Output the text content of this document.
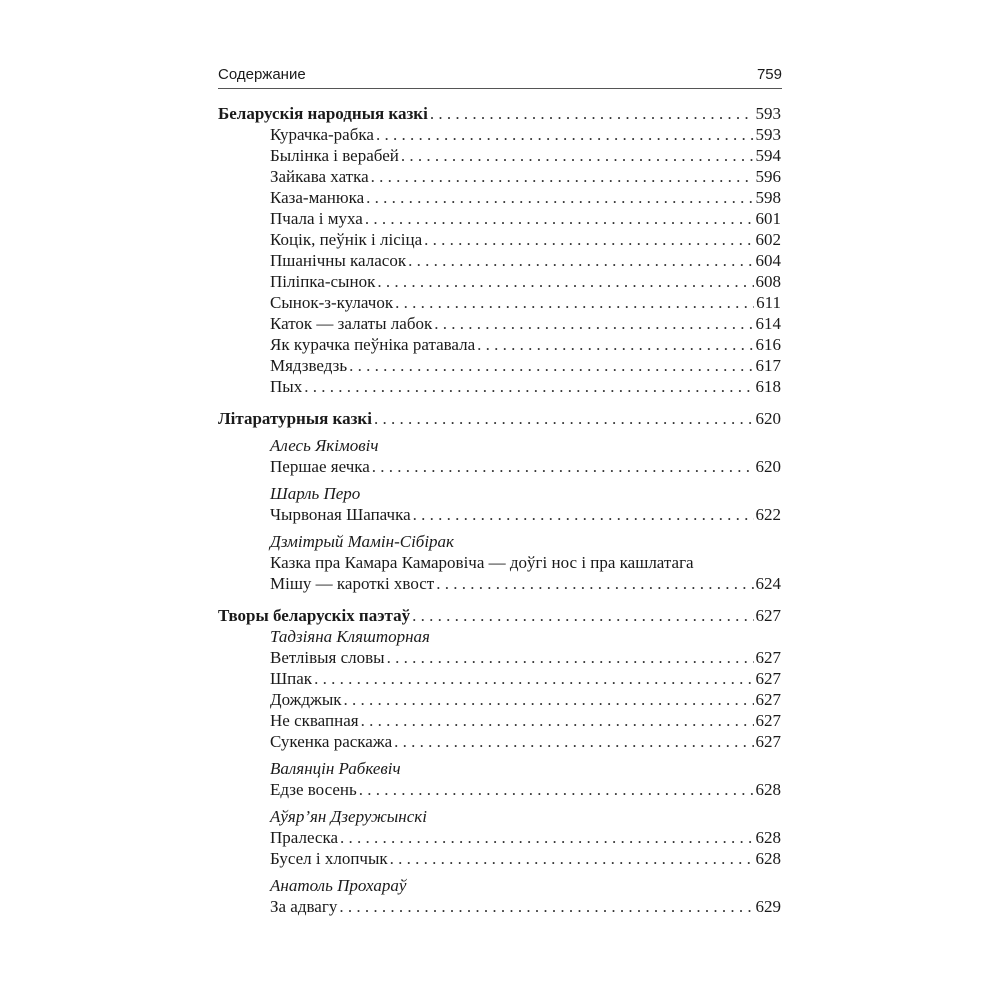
Содержание	759
Беларускія народныя казкі . . .	593
Курачка-рабка . . .	593
Былінка і верабей . . .	594
Зайкава хатка . . .	596
Каза-манюка . . .	598
Пчала і муха . . .	601
Коцік, пеўнік і лісіца . . .	602
Пшанічны каласок . . .	604
Піліпка-сынок . . .	608
Сынок-з-кулачок . . .	611
Каток — залаты лабок . . .	614
Як курачка пеўніка ратавала . . .	616
Мядзведзь . . .	617
Пых . . .	618
Літаратурныя казкі . . .	620
Алесь Якімовіч
Першае яечка . . .	620
Шарль Перо
Чырвоная Шапачка . . .	622
Дзмітрый Мамін-Сібірак
Казка пра Камара Камаровіча — доўгі нос і пра кашлатага
Мішу — кароткі хвост . . .	624
Творы беларускіх паэтаў . . .	627
Тадзіяна Кляшторная
Ветлівыя словы . . .	627
Шпак . . .	627
Дожджык . . .	627
Не сквапная . . .	627
Сукенка раскажа . . .	627
Валянцін Рабкевіч
Едзе восень . . .	628
Аўяр’ян Дзеружынскі
Пралеска . . .	628
Бусел і хлопчык . . .	628
Анатоль Прохараў
За адвагу . . .	629
